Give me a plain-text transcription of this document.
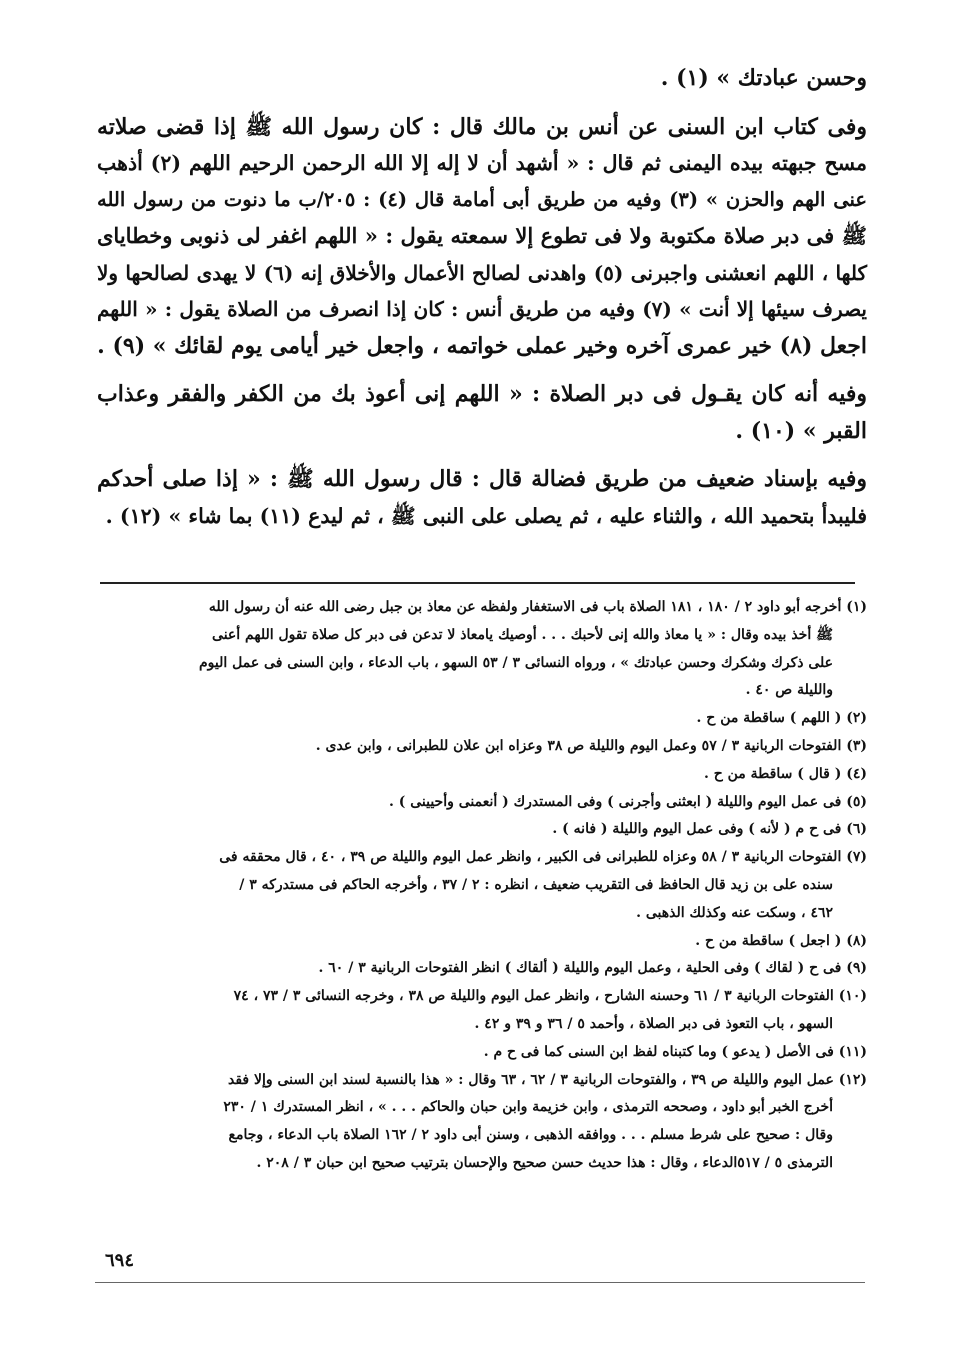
وحسن عبادتك » (١) .
وفى كتاب ابن السنى عن أنس بن مالك قال : كان رسول الله ﷺ إذا قضى صلاته
مسح جبهته بيده اليمنى ثم قال : « أشهد أن لا إله إلا الله الرحمن الرحيم اللهم (٢) أذهب
عنى الهم والحزن » (٣) وفيه من طريق أبى أمامة قال (٤) : ٢٠٥/ب ما دنوت من رسول الله
ﷺ فى دبر صلاة مكتوبة ولا فى تطوع إلا سمعته يقول : « اللهم اغفر لى ذنوبى وخطاياى
كلها ، اللهم انعشنى واجبرنى (٥) واهدنى لصالح الأعمال والأخلاق إنه (٦) لا يهدى لصالحها ولا
يصرف سيئها إلا أنت » (٧) وفيه من طريق أنس : كان إذا انصرف من الصلاة يقول : « اللهم
اجعل (٨) خير عمرى آخره وخير عملى خواتمه ، واجعل خير أيامى يوم لقائك » (٩) .
وفيه أنه كان يقـول فى دبر الصلاة : « اللهم إنى أعوذ بك من الكفر والفقر وعذاب
القبر » (١٠) .
وفيه بإسناد ضعيف من طريق فضالة قال : قال رسول الله ﷺ : « إذا صلى أحدكم
فليبدأ بتحميد الله ، والثناء عليه ، ثم يصلى على النبى ﷺ ، ثم ليدع (١١) بما شاء » (١٢) .
(١) أخرجه أبو داود ٢ / ١٨٠ ، ١٨١ الصلاة باب فى الاستغفار ولفظه عن معاذ بن جبل رضى الله عنه أن رسول الله
ﷺ أخذ بيده وقال : « يا معاذ والله إنى لأحبك . . . أوصيك يامعاذ لا تدعن فى دبر كل صلاة تقول اللهم أعنى
على ذكرك وشكرك وحسن عبادتك » ، ورواه النسائى ٣ / ٥٣ السهو ، باب الدعاء ، وابن السنى فى عمل اليوم
والليلة ص ٤٠ .
(٢) ( اللهم ) ساقطة من ح .
(٣) الفتوحات الربانية ٣ / ٥٧ وعمل اليوم والليلة ص ٣٨ وعزاه ابن علان للطبرانى ، وابن عدى .
(٤) ( قال ) ساقطة من ح .
(٥) فى عمل اليوم والليلة ( ابعثنى وأجرنى ) وفى المستدرك ( أنعمنى وأحيينى ) .
(٦) فى ح م ( لأنه ) وفى عمل اليوم والليلة ( فانه ) .
(٧) الفتوحات الربانية ٣ / ٥٨ وعزاه للطبرانى فى الكبير ، وانظر عمل اليوم والليلة ص ٣٩ ، ٤٠ ، قال محققه فى
سنده على بن زيد قال الحافظ فى التقريب ضعيف ، انظره : ٢ / ٣٧ ، وأخرجه الحاكم فى مستدركه ٣ /
٤٦٢ ، وسكت عنه وكذلك الذهبى .
(٨) ( اجعل ) ساقطة من ح .
(٩) فى ح ( لقاك ) وفى الحلية ، وعمل اليوم والليلة ( ألقاك ) انظر الفتوحات الربانية ٣ / ٦٠ .
(١٠) الفتوحات الربانية ٣ / ٦١ وحسنه الشارح ، وانظر عمل اليوم والليلة ص ٣٨ ، وخرجه النسائى ٣ / ٧٣ ، ٧٤
السهو ، باب التعوذ فى دبر الصلاة ، وأحمد ٥ / ٣٦ و ٣٩ و ٤٢ .
(١١) فى الأصل ( يدعو ) وما كتبناه لفظ ابن السنى كما فى ح م .
(١٢) عمل اليوم والليلة ص ٣٩ ، والفتوحات الربانية ٣ / ٦٢ ، ٦٣ وقال : « هذا بالنسبة لسند ابن السنى وإلا فقد
أخرج الخبر أبو داود ، وصححه الترمذى ، وابن خزيمة وابن حبان والحاكم . . . » ، انظر المستدرك ١ / ٢٣٠
وقال : صحيح على شرط مسلم . . . ووافقه الذهبى ، وسنن أبى داود ٢ / ١٦٢ الصلاة باب الدعاء ، وجامع
الترمذى ٥ / ٥١٧الدعاء ، وقال : هذا حديث حسن صحيح والإحسان بترتيب صحيح ابن حبان ٣ / ٢٠٨ .
٦٩٤
